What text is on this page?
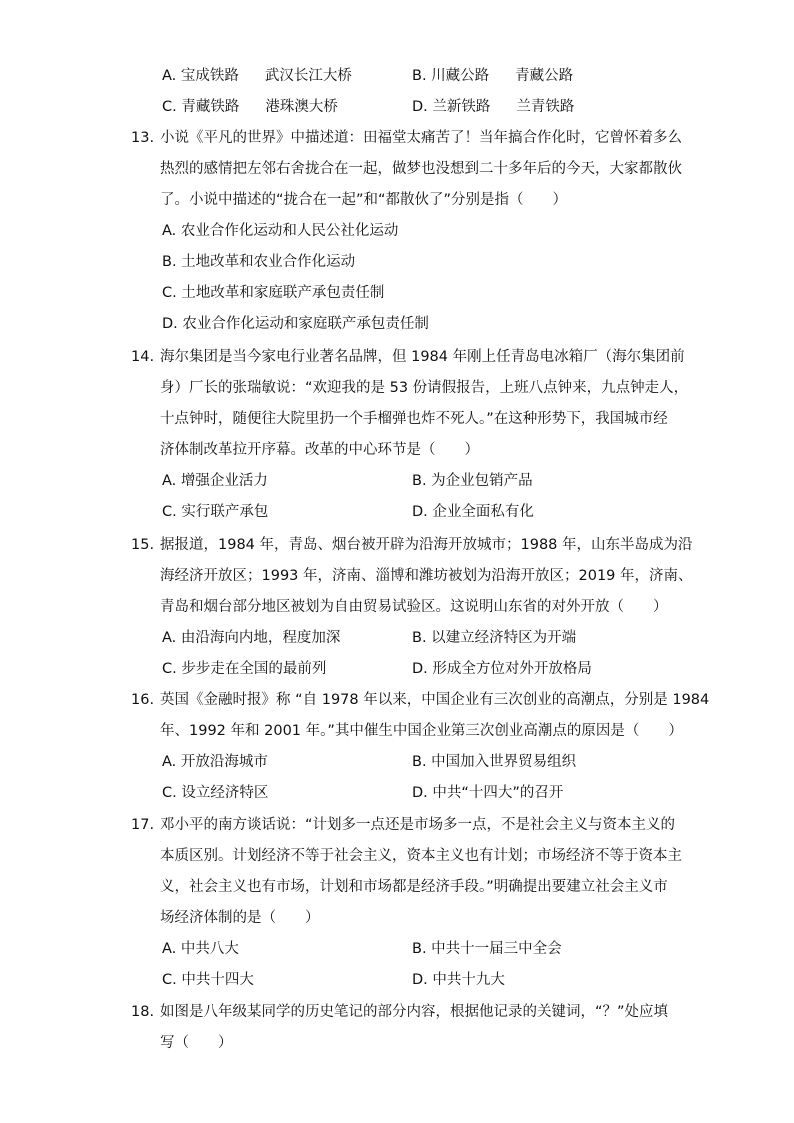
A. 宝成铁路 武汉长江大桥	B. 川藏公路 青藏公路
C. 青藏铁路 港珠澳大桥	D. 兰新铁路 兰青铁路
13. 小说《平凡的世界》中描述道：田福堂太痛苦了！当年搞合作化时，它曾怀着多么
热烈的感情把左邻右舍拢合在一起，做梦也没想到二十多年后的今天，大家都散伙
了。小说中描述的“拢合在一起”和“都散伙了”分别是指（　　）
A. 农业合作化运动和人民公社化运动
B. 土地改革和农业合作化运动
C. 土地改革和家庭联产承包责任制
D. 农业合作化运动和家庭联产承包责任制
14. 海尔集团是当今家电行业著名品牌，但 1984 年刚上任青岛电冰箱厂（海尔集团前
身）厂长的张瑞敏说：“欢迎我的是 53 份请假报告，上班八点钟来，九点钟走人，
十点钟时，随便往大院里扔一个手榴弹也炸不死人。”在这种形势下，我国城市经
济体制改革拉开序幕。改革的中心环节是（　　）
A. 增强企业活力	B. 为企业包销产品
C. 实行联产承包	D. 企业全面私有化
15. 据报道，1984 年，青岛、烟台被开辟为沿海开放城市；1988 年，山东半岛成为沿
海经济开放区；1993 年，济南、淄博和潍坊被划为沿海开放区；2019 年，济南、
青岛和烟台部分地区被划为自由贸易试验区。这说明山东省的对外开放（　　）
A. 由沿海向内地，程度加深	B. 以建立经济特区为开端
C. 步步走在全国的最前列	D. 形成全方位对外开放格局
16. 英国《金融时报》称 “自 1978 年以来，中国企业有三次创业的高潮点，分别是 1984
年、1992 年和 2001 年。”其中催生中国企业第三次创业高潮点的原因是（　　）
A. 开放沿海城市	B. 中国加入世界贸易组织
C. 设立经济特区	D. 中共“十四大”的召开
17. 邓小平的南方谈话说：“计划多一点还是市场多一点，不是社会主义与资本主义的
本质区别。计划经济不等于社会主义，资本主义也有计划；市场经济不等于资本主
义，社会主义也有市场，计划和市场都是经济手段。”明确提出要建立社会主义市
场经济体制的是（　　）
A. 中共八大	B. 中共十一届三中全会
C. 中共十四大	D. 中共十九大
18. 如图是八年级某同学的历史笔记的部分内容，根据他记录的关键词，“？”处应填
写（　　）
